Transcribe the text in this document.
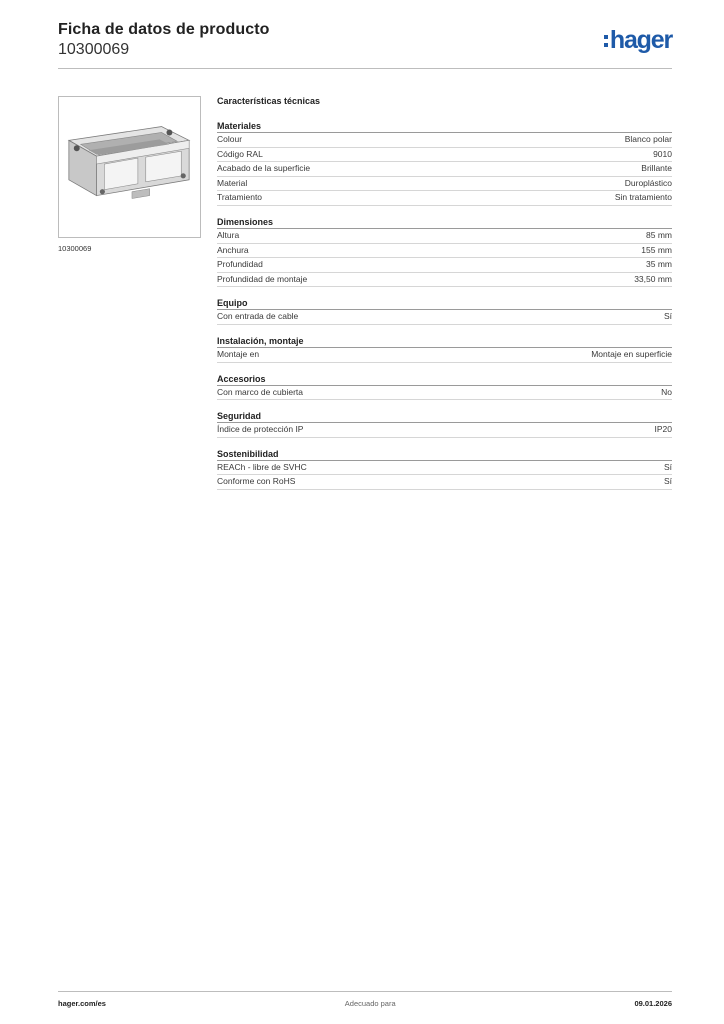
Ficha de datos de producto
10300069	hager
10300069
Características técnicas
Materiales
Colour	Blanco polar
Código RAL	9010
Acabado de la superficie	Brillante
Material	Duroplástico
Tratamiento	Sin tratamiento
Dimensiones
Altura	85 mm
Anchura	155 mm
Profundidad	35 mm
Profundidad de montaje	33,50 mm
Equipo
Con entrada de cable	Sí
Instalación, montaje
Montaje en	Montaje en superficie
Accesorios
Con marco de cubierta	No
Seguridad
Índice de protección IP	IP20
Sostenibilidad
REACh - libre de SVHC	Sí
Conforme con RoHS	Sí
hager.com/es	Adecuado para	09.01.2026
